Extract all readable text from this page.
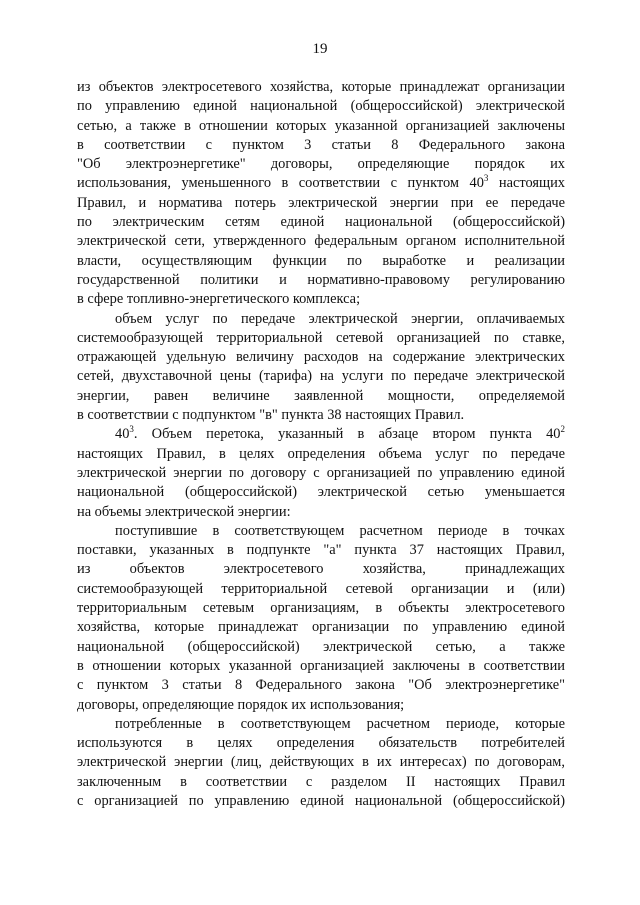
19
из объектов электросетевого хозяйства, которые принадлежат организации
по управлению единой национальной (общероссийской) электрической
сетью, а также в отношении которых указанной организацией заключены
в соответствии с пунктом 3 статьи 8 Федерального закона
"Об электроэнергетике" договоры, определяющие порядок их
использования, уменьшенного в соответствии с пунктом $40^3$ настоящих
Правил, и норматива потерь электрической энергии при ее передаче
по электрическим сетям единой национальной (общероссийской)
электрической сети, утвержденного федеральным органом исполнительной
власти, осуществляющим функции по выработке и реализации
государственной политики и нормативно-правовому регулированию
в сфере топливно-энергетического комплекса;
объем услуг по передаче электрической энергии, оплачиваемых
системообразующей территориальной сетевой организацией по ставке,
отражающей удельную величину расходов на содержание электрических
сетей, двухставочной цены (тарифа) на услуги по передаче электрической
энергии, равен величине заявленной мощности, определяемой
в соответствии с подпунктом "в" пункта 38 настоящих Правил.
$40^3$. Объем перетока, указанный в абзаце втором пункта $40^2$
настоящих Правил, в целях определения объема услуг по передаче
электрической энергии по договору с организацией по управлению единой
национальной (общероссийской) электрической сетью уменьшается
на объемы электрической энергии:
поступившие в соответствующем расчетном периоде в точках
поставки, указанных в подпункте "а" пункта 37 настоящих Правил,
из объектов электросетевого хозяйства, принадлежащих
системообразующей территориальной сетевой организации и (или)
территориальным сетевым организациям, в объекты электросетевого
хозяйства, которые принадлежат организации по управлению единой
национальной (общероссийской) электрической сетью, а также
в отношении которых указанной организацией заключены в соответствии
с пунктом 3 статьи 8 Федерального закона "Об электроэнергетике"
договоры, определяющие порядок их использования;
потребленные в соответствующем расчетном периоде, которые
используются в целях определения обязательств потребителей
электрической энергии (лиц, действующих в их интересах) по договорам,
заключенным в соответствии с разделом II настоящих Правил
с организацией по управлению единой национальной (общероссийской)
